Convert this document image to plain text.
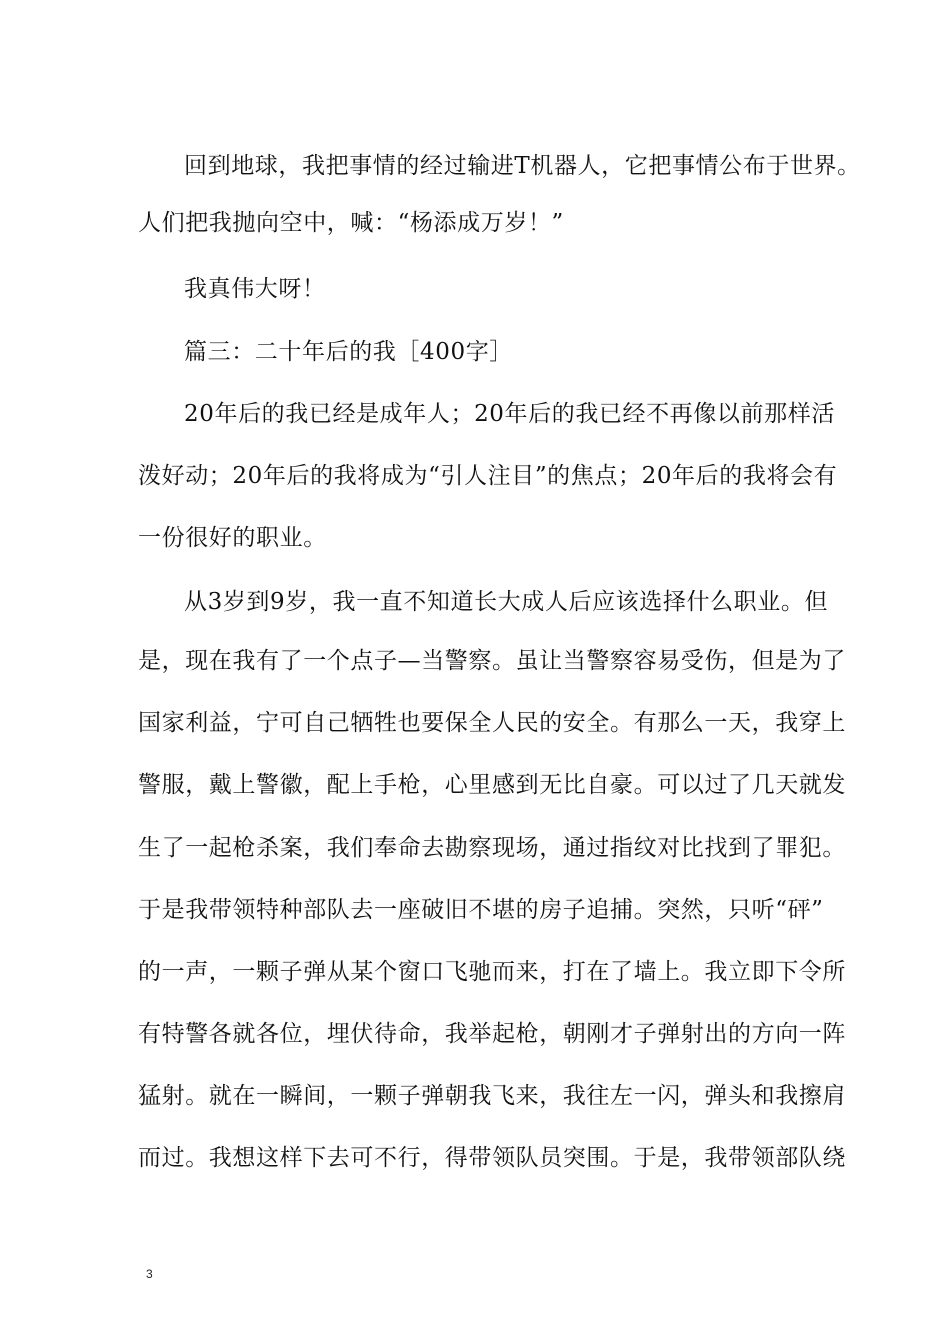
回到地球，我把事情的经过输进T机器人，它把事情公布于世界。
人们把我抛向空中，喊：“杨添成万岁！”
我真伟大呀！
篇三：二十年后的我［400字］
20年后的我已经是成年人；20年后的我已经不再像以前那样活
泼好动；20年后的我将成为“引人注目”的焦点；20年后的我将会有
一份很好的职业。
从3岁到9岁，我一直不知道长大成人后应该选择什么职业。但
是，现在我有了一个点子—当警察。虽让当警察容易受伤，但是为了
国家利益，宁可自己牺牲也要保全人民的安全。有那么一天，我穿上
警服，戴上警徽，配上手枪，心里感到无比自豪。可以过了几天就发
生了一起枪杀案，我们奉命去勘察现场，通过指纹对比找到了罪犯。
于是我带领特种部队去一座破旧不堪的房子追捕。突然，只听“砰”
的一声，一颗子弹从某个窗口飞驰而来，打在了墙上。我立即下令所
有特警各就各位，埋伏待命，我举起枪，朝刚才子弹射出的方向一阵
猛射。就在一瞬间，一颗子弹朝我飞来，我往左一闪，弹头和我擦肩
而过。我想这样下去可不行，得带领队员突围。于是，我带领部队绕
3
